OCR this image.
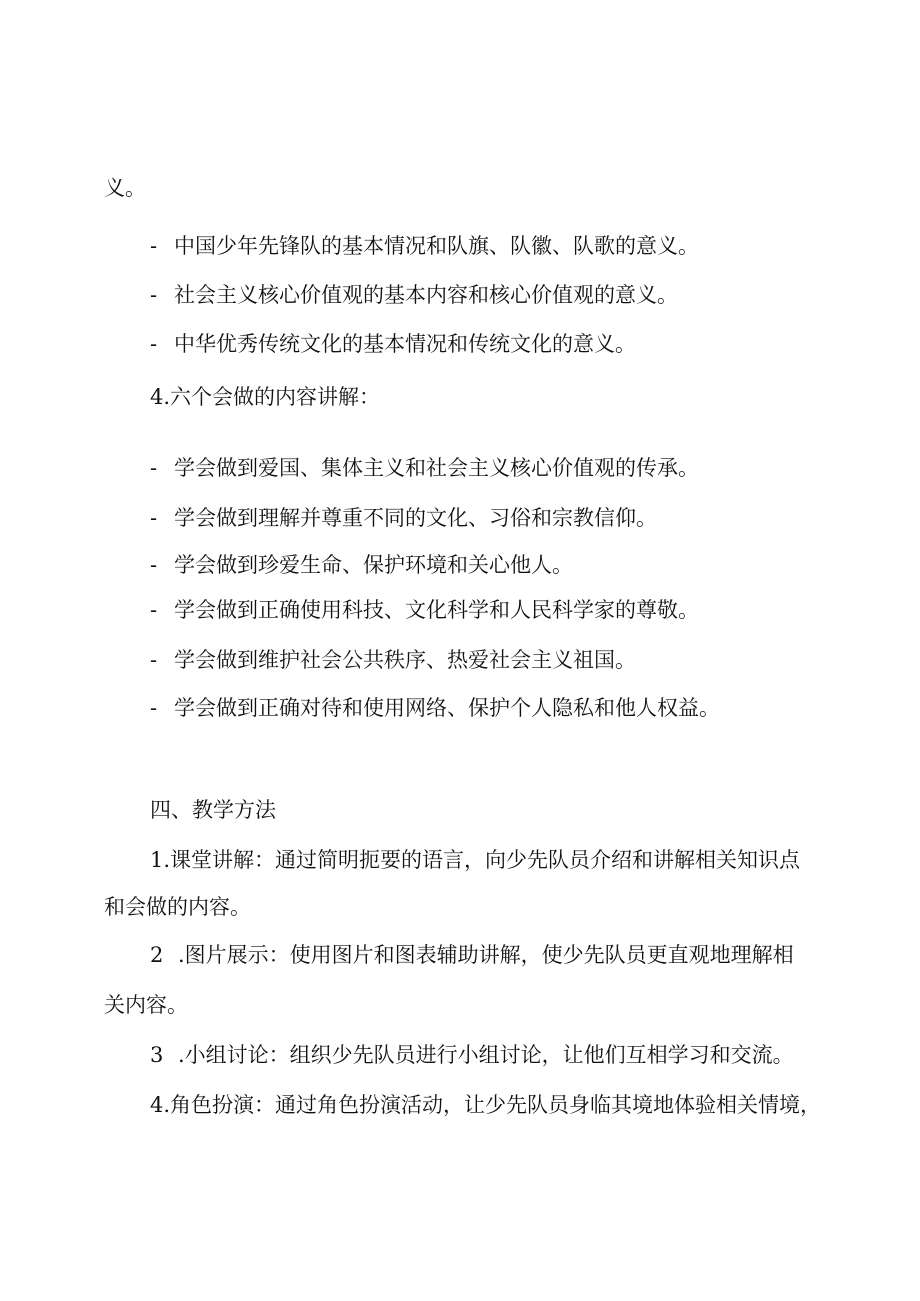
义。

- 中国少年先锋队的基本情况和队旗、队徽、队歌的意义。

- 社会主义核心价值观的基本内容和核心价值观的意义。

- 中华优秀传统文化的基本情况和传统文化的意义。

4.六个会做的内容讲解：

- 学会做到爱国、集体主义和社会主义核心价值观的传承。

- 学会做到理解并尊重不同的文化、习俗和宗教信仰。

- 学会做到珍爱生命、保护环境和关心他人。

- 学会做到正确使用科技、文化科学和人民科学家的尊敬。

- 学会做到维护社会公共秩序、热爱社会主义祖国。

- 学会做到正确对待和使用网络、保护个人隐私和他人权益。

四、教学方法

1.课堂讲解：通过简明扼要的语言，向少先队员介绍和讲解相关知识点

和会做的内容。

2 .图片展示：使用图片和图表辅助讲解，使少先队员更直观地理解相

关内容。

3 .小组讨论：组织少先队员进行小组讨论，让他们互相学习和交流。

4.角色扮演：通过角色扮演活动，让少先队员身临其境地体验相关情境，
